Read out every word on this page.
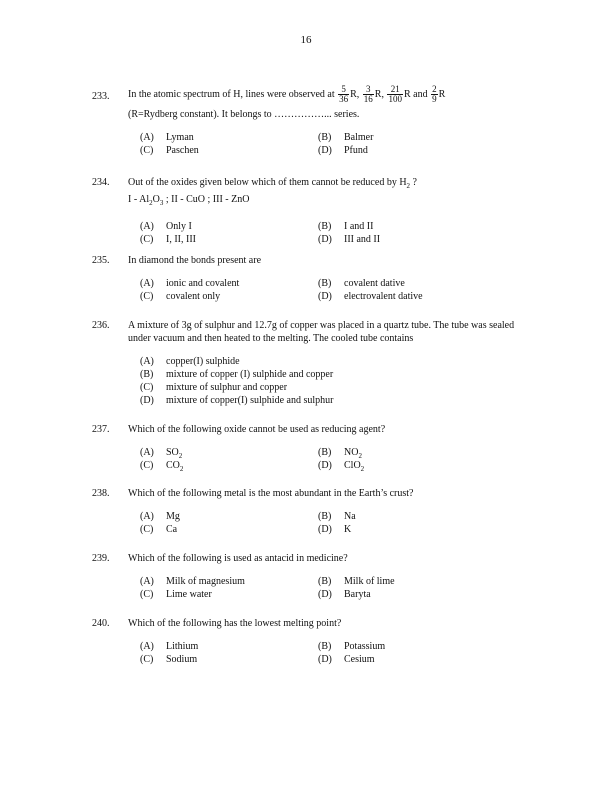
16
233.	In the atomic spectrum of H, lines were observed at $\frac{5}{36} R$, $\frac{3}{16} R$, $\frac{21}{100}$ R and $\frac{2}{9}$ R
(R=Rydberg constant). It belongs to ……………... series.
(A) Lyman	(B) Balmer
(C) Paschen	(D) Pfund
234.	Out of the oxides given below which of them cannot be reduced by $H_2$ ?
I - $Al_2O_3$ ; II - CuO ; III - ZnO
(A) Only I	(B) I and II
(C) I, II, III	(D) III and II
235.	In diamond the bonds present are
(A) ionic and covalent	(B) covalent dative
(C) covalent only	(D) electrovalent dative
236.	A mixture of 3g of sulphur and 12.7g of copper was placed in a quartz tube. The tube was sealed under vacuum and then heated to the melting. The cooled tube contains
(A) copper(I) sulphide
(B) mixture of copper (I) sulphide and copper
(C) mixture of sulphur and copper
(D) mixture of copper(I) sulphide and sulphur
237.	Which of the following oxide cannot be used as reducing agent?
(A) $SO_2$	(B) $NO_2$
(C) $CO_2$	(D) ClO$_2$
238.	Which of the following metal is the most abundant in the Earth’s crust?
(A) Mg	(B) Na
(C) Ca	(D) K
239.	Which of the following is used as antacid in medicine?
(A) Milk of magnesium	(B) Milk of lime
(C) Lime water	(D) Baryta
240.	Which of the following has the lowest melting point?
(A) Lithium	(B) Potassium
(C) Sodium	(D) Cesium
